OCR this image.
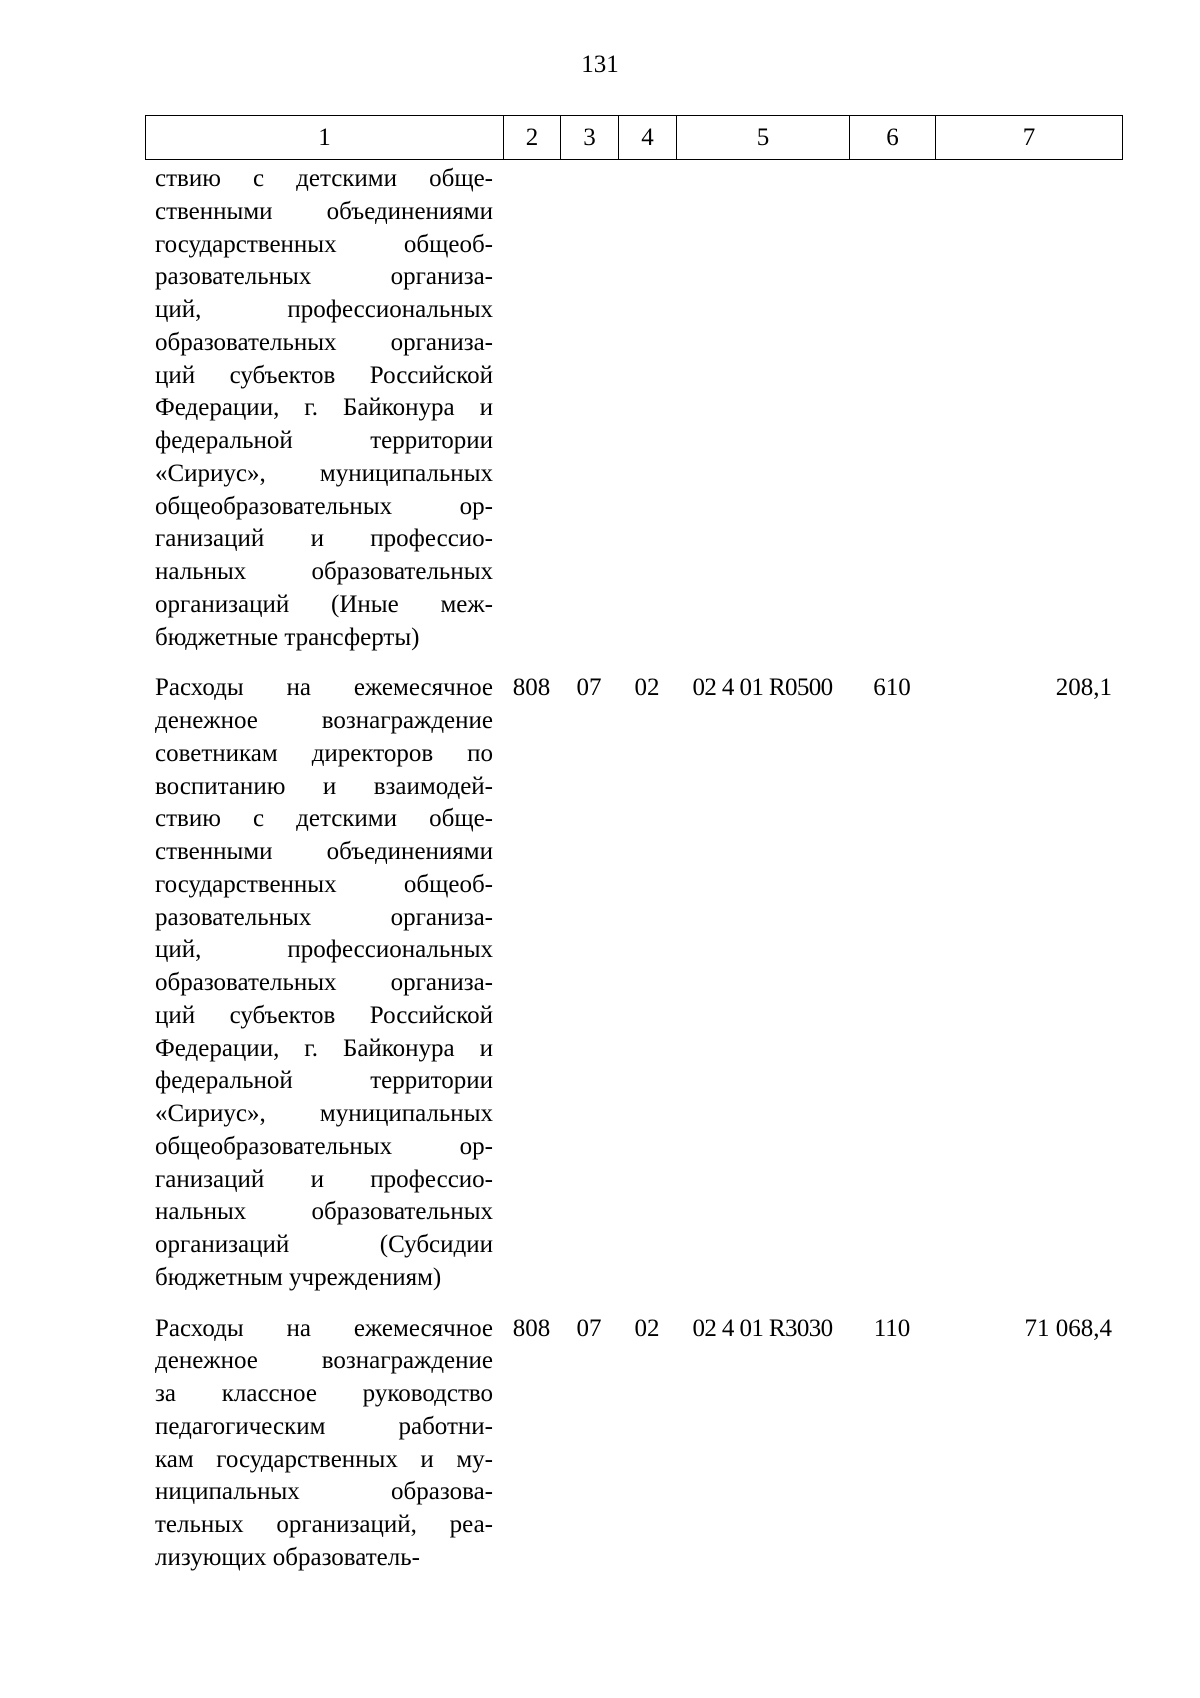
131
1	2	3	4	5	6	7
ствию с детскими обще-
ственными объединениями
государственных общеоб-
разовательных организа-
ций, профессиональных
образовательных организа-
ций субъектов Российской
Федерации, г. Байконура и
федеральной территории
«Сириус», муниципальных
общеобразовательных ор-
ганизаций и профессио-
нальных образовательных
организаций (Иные меж-
бюджетные трансферты)
Расходы на ежемесячное
денежное вознаграждение
советникам директоров по
воспитанию и взаимодей-
ствию с детскими обще-
ственными объединениями
государственных общеоб-
разовательных организа-
ций, профессиональных
образовательных организа-
ций субъектов Российской
Федерации, г. Байконура и
федеральной территории
«Сириус», муниципальных
общеобразовательных ор-
ганизаций и профессио-
нальных образовательных
организаций (Субсидии
бюджетным учреждениям)
808	07	02	02 4 01 R0500	610	208,1
Расходы на ежемесячное
денежное вознаграждение
за классное руководство
педагогическим работни-
кам государственных и му-
ниципальных образова-
тельных организаций, реа-
лизующих образователь-
808	07	02	02 4 01 R3030	110	71 068,4
